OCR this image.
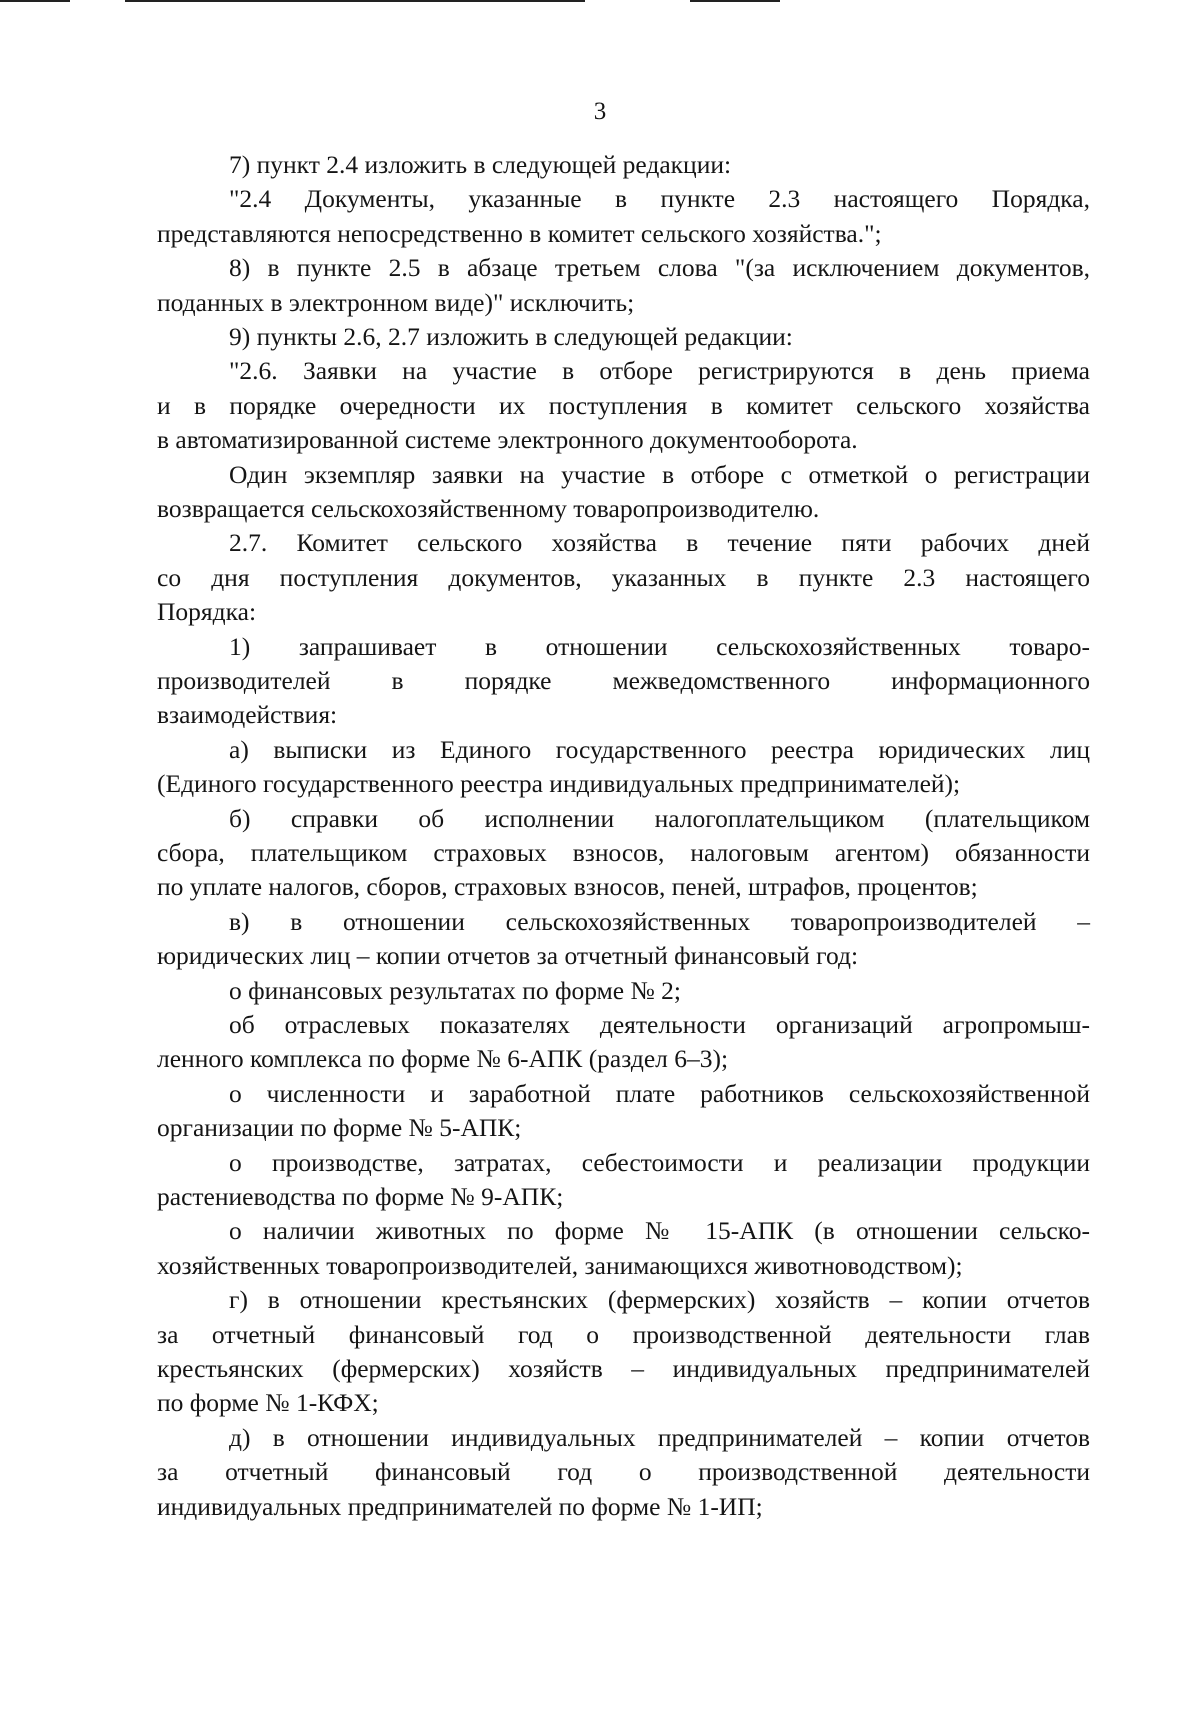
3
7) пункт 2.4 изложить в следующей редакции:
"2.4 Документы, указанные в пункте 2.3 настоящего Порядка,
представляются непосредственно в комитет сельского хозяйства.";
8) в пункте 2.5 в абзаце третьем слова "(за исключением документов,
поданных в электронном виде)" исключить;
9) пункты 2.6, 2.7 изложить в следующей редакции:
"2.6. Заявки на участие в отборе регистрируются в день приема
и в порядке очередности их поступления в комитет сельского хозяйства
в автоматизированной системе электронного документооборота.
Один экземпляр заявки на участие в отборе с отметкой о регистрации
возвращается сельскохозяйственному товаропроизводителю.
2.7. Комитет сельского хозяйства в течение пяти рабочих дней
со дня поступления документов, указанных в пункте 2.3 настоящего
Порядка:
1) запрашивает в отношении сельскохозяйственных товаро-
производителей в порядке межведомственного информационного
взаимодействия:
а) выписки из Единого государственного реестра юридических лиц
(Единого государственного реестра индивидуальных предпринимателей);
б) справки об исполнении налогоплательщиком (плательщиком
сбора, плательщиком страховых взносов, налоговым агентом) обязанности
по уплате налогов, сборов, страховых взносов, пеней, штрафов, процентов;
в) в отношении сельскохозяйственных товаропроизводителей –
юридических лиц – копии отчетов за отчетный финансовый год:
о финансовых результатах по форме № 2;
об отраслевых показателях деятельности организаций агропромыш-
ленного комплекса по форме № 6-АПК (раздел 6–3);
о численности и заработной плате работников сельскохозяйственной
организации по форме № 5-АПК;
о производстве, затратах, себестоимости и реализации продукции
растениеводства по форме № 9-АПК;
о наличии животных по форме № 15-АПК (в отношении сельско-
хозяйственных товаропроизводителей, занимающихся животноводством);
г) в отношении крестьянских (фермерских) хозяйств – копии отчетов
за отчетный финансовый год о производственной деятельности глав
крестьянских (фермерских) хозяйств – индивидуальных предпринимателей
по форме № 1-КФХ;
д) в отношении индивидуальных предпринимателей – копии отчетов
за отчетный финансовый год о производственной деятельности
индивидуальных предпринимателей по форме № 1-ИП;
